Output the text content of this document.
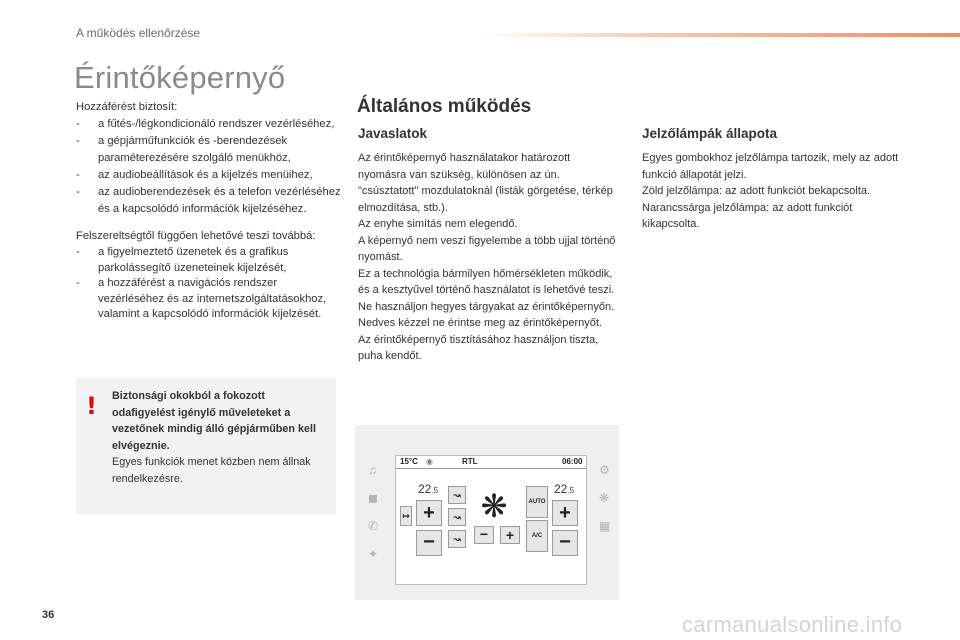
A működés ellenőrzése
Érintőképernyő

Hozzáférést biztosít:

- a fűtés-/légkondicionáló rendszer vezérléséhez,
- a gépjárműfunkciók és -berendezések paraméterezésére szolgáló menükhöz,
- az audiobeállítások és a kijelzés menüihez,
- az audioberendezések és a telefon vezérléséhez és a kapcsolódó információk kijelzéséhez.

Felszereltségtől függően lehetővé teszi továbbá:

- a figyelmeztető üzenetek és a grafikus parkolássegítő üzeneteinek kijelzését,
- a hozzáférést a navigációs rendszer vezérléséhez és az internetszolgáltatásokhoz, valamint a kapcsolódó információk kijelzését.
! Biztonsági okokból a fokozott odafigyelést igénylő műveleteket a vezetőnek mindig álló gépjárműben kell elvégeznie.
Egyes funkciók menet közben nem állnak rendelkezésre.
Általános működés
Javaslatok
Az érintőképernyő használatakor határozott nyomásra van szükség, különösen az ún. "csúsztatott" mozdulatoknál (listák görgetése, térkép elmozdítása, stb.).
Az enyhe simítás nem elegendő.
A képernyő nem veszi figyelembe a több ujjal történő nyomást.
Ez a technológia bármilyen hőmérsékleten működik, és a kesztyűvel történő használatot is lehetővé teszi.
Ne használjon hegyes tárgyakat az érintőképernyőn.
Nedves kézzel ne érintse meg az érintőképernyőt.
Az érintőképernyő tisztításához használjon tiszta, puha kendőt.
Jelzőlámpák állapota
Egyes gombokhoz jelzőlámpa tartozik, mely az adott funkció állapotát jelzi.
Zöld jelzőlámpa: az adott funkciót bekapcsolta.
Narancssárga jelzőlámpa: az adott funkciót kikapcsolta.
♫
◼
✆
✦
⚙
❋
▦
15°C ◉	RTL	06:00
22.5	22.5
↦ +
−
↝
↝
↝
❋
−	+
AUTO
A/C
+
−
36	carmanualsonline.info
